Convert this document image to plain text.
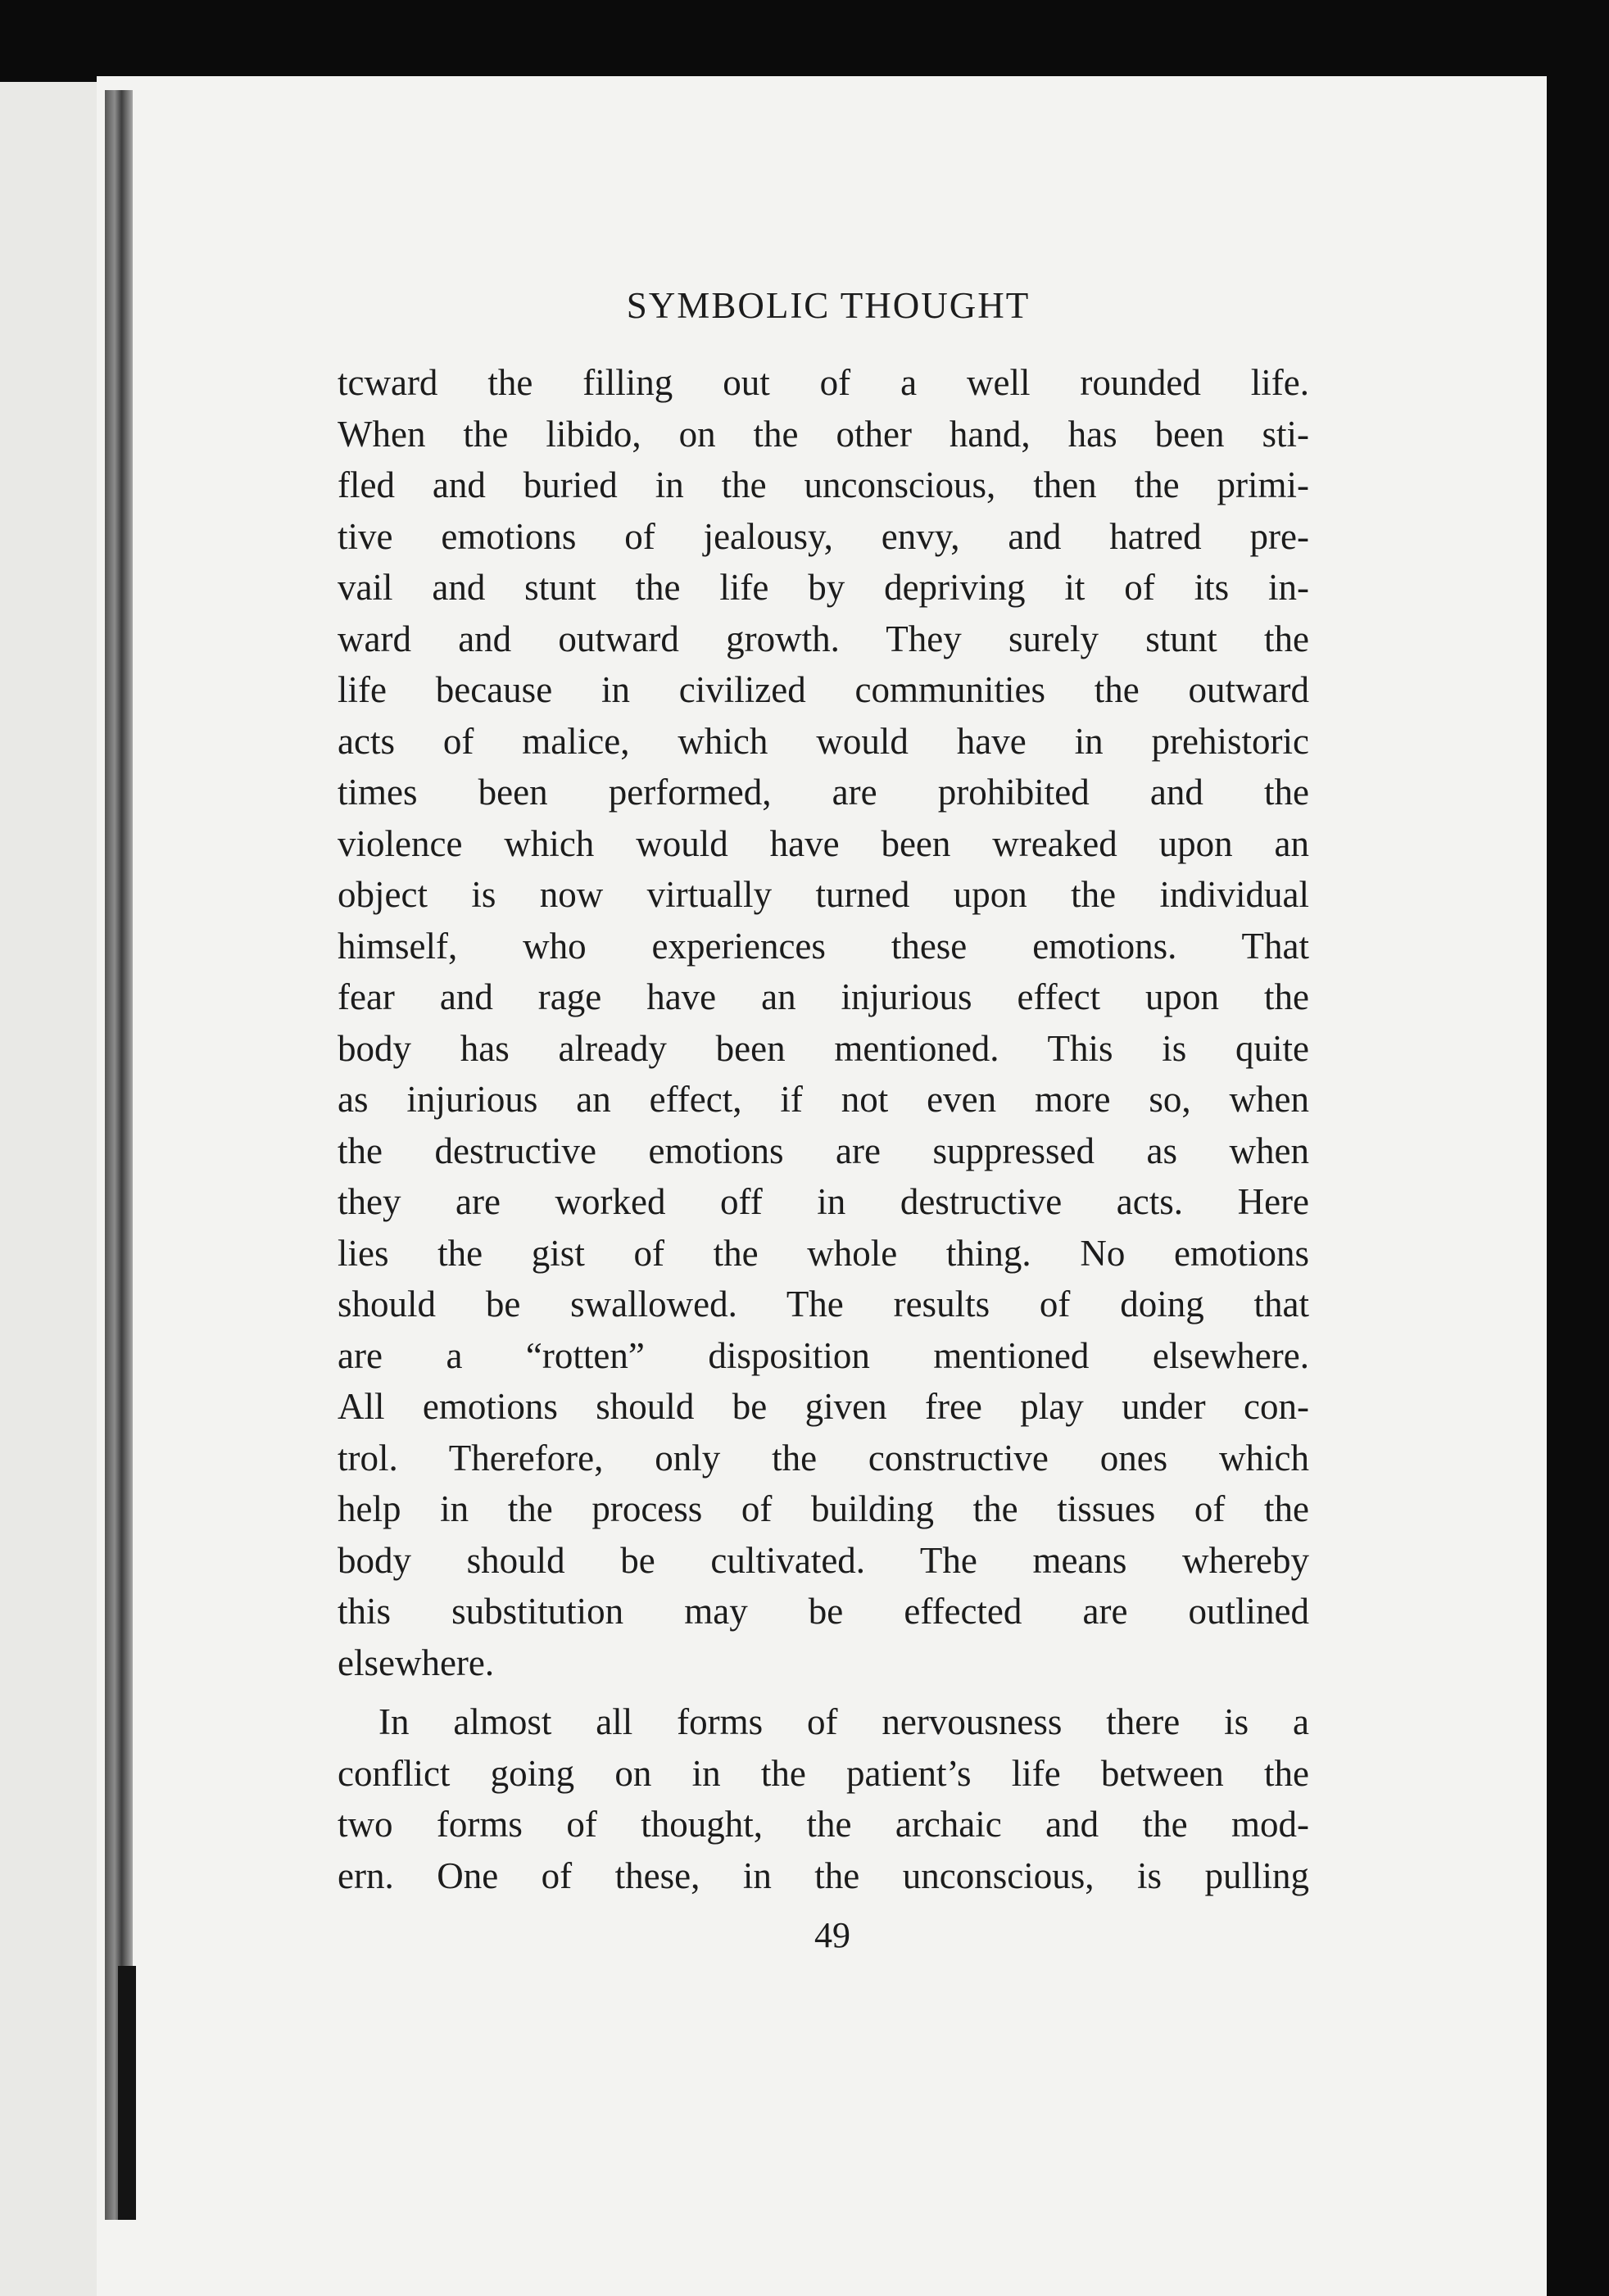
SYMBOLIC THOUGHT

tcward the filling out of a well rounded life.
When the libido, on the other hand, has been sti-
fled and buried in the unconscious, then the primi-
tive emotions of jealousy, envy, and hatred pre-
vail and stunt the life by depriving it of its in-
ward and outward growth. They surely stunt the
life because in civilized communities the outward
acts of malice, which would have in prehistoric
times been performed, are prohibited and the
violence which would have been wreaked upon an
object is now virtually turned upon the individual
himself, who experiences these emotions. That
fear and rage have an injurious effect upon the
body has already been mentioned. This is quite
as injurious an effect, if not even more so, when
the destructive emotions are suppressed as when
they are worked off in destructive acts. Here
lies the gist of the whole thing. No emotions
should be swallowed. The results of doing that
are a “rotten” disposition mentioned elsewhere.
All emotions should be given free play under con-
trol. Therefore, only the constructive ones which
help in the process of building the tissues of the
body should be cultivated. The means whereby
this substitution may be effected are outlined
elsewhere.

In almost all forms of nervousness there is a
conflict going on in the patient’s life between the
two forms of thought, the archaic and the mod-
ern. One of these, in the unconscious, is pulling

49
